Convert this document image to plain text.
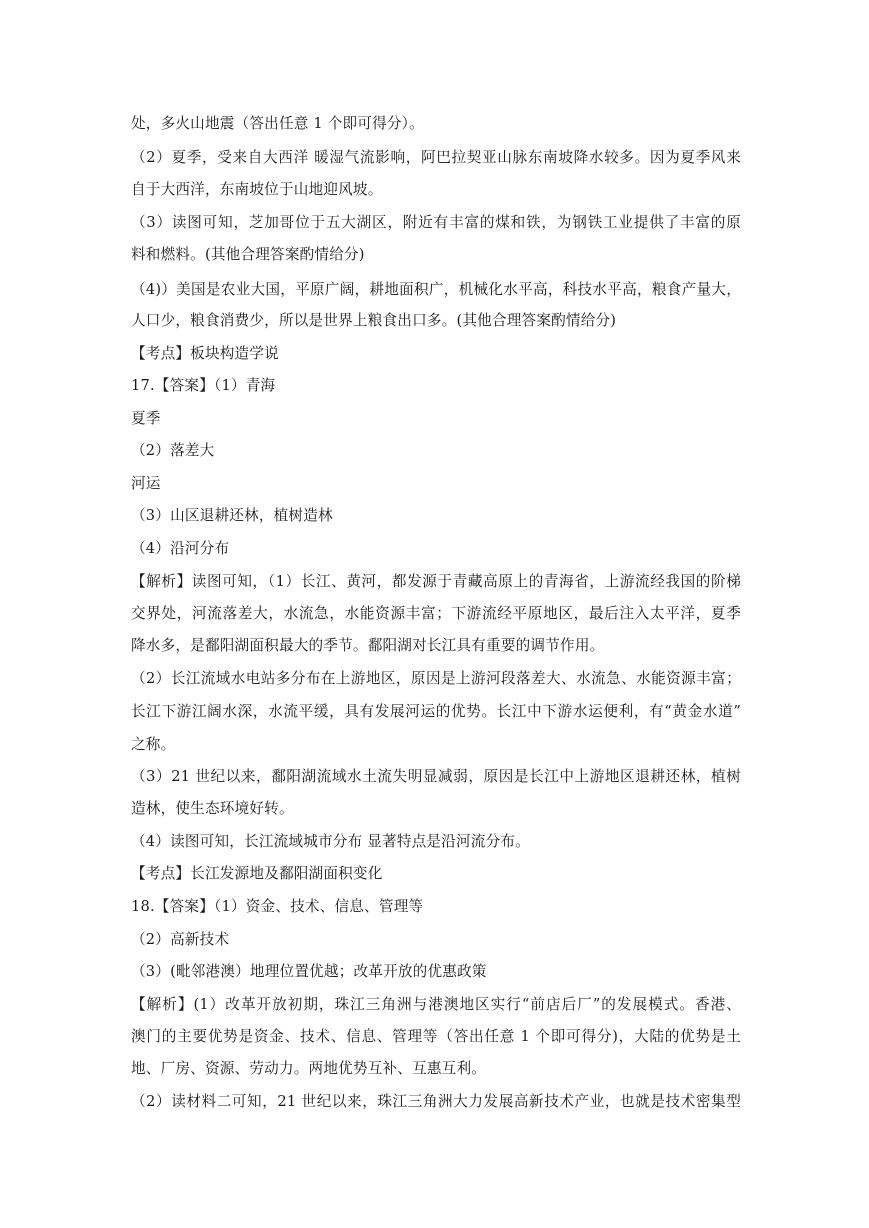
处，多火山地震（答出任意 1 个即可得分）。
（2）夏季，受来自大西洋 暖湿气流影响，阿巴拉契亚山脉东南坡降水较多。因为夏季风来
自于大西洋，东南坡位于山地迎风坡。
（3）读图可知，芝加哥位于五大湖区，附近有丰富的煤和铁，为钢铁工业提供了丰富的原
料和燃料。(其他合理答案酌情给分)
（4)）美国是农业大国，平原广阔，耕地面积广，机械化水平高，科技水平高，粮食产量大，
人口少，粮食消费少，所以是世界上粮食出口多。(其他合理答案酌情给分)
【考点】板块构造学说
17.【答案】（1）青海
夏季
（2）落差大
河运
（3）山区退耕还林，植树造林
（4）沿河分布
【解析】读图可知，（1）长江、黄河，都发源于青藏高原上的青海省，上游流经我国的阶梯
交界处，河流落差大，水流急，水能资源丰富；下游流经平原地区，最后注入太平洋，夏季
降水多，是鄱阳湖面积最大的季节。鄱阳湖对长江具有重要的调节作用。
（2）长江流域水电站多分布在上游地区，原因是上游河段落差大、水流急、水能资源丰富；
长江下游江阔水深，水流平缓，具有发展河运的优势。长江中下游水运便利，有“黄金水道”
之称。
（3）21 世纪以来，鄱阳湖流域水土流失明显减弱，原因是长江中上游地区退耕还林，植树
造林，使生态环境好转。
（4）读图可知，长江流域城市分布 显著特点是沿河流分布。
【考点】长江发源地及鄱阳湖面积变化
18.【答案】（1）资金、技术、信息、管理等
（2）高新技术
（3）(毗邻港澳）地理位置优越；改革开放的优惠政策
【解析】(1）改革开放初期，珠江三角洲与港澳地区实行“前店后厂”的发展模式。香港、
澳门的主要优势是资金、技术、信息、管理等（答出任意 1 个即可得分)，大陆的优势是土
地、厂房、资源、劳动力。两地优势互补、互惠互利。
（2）读材料二可知，21 世纪以来，珠江三角洲大力发展高新技术产业，也就是技术密集型
